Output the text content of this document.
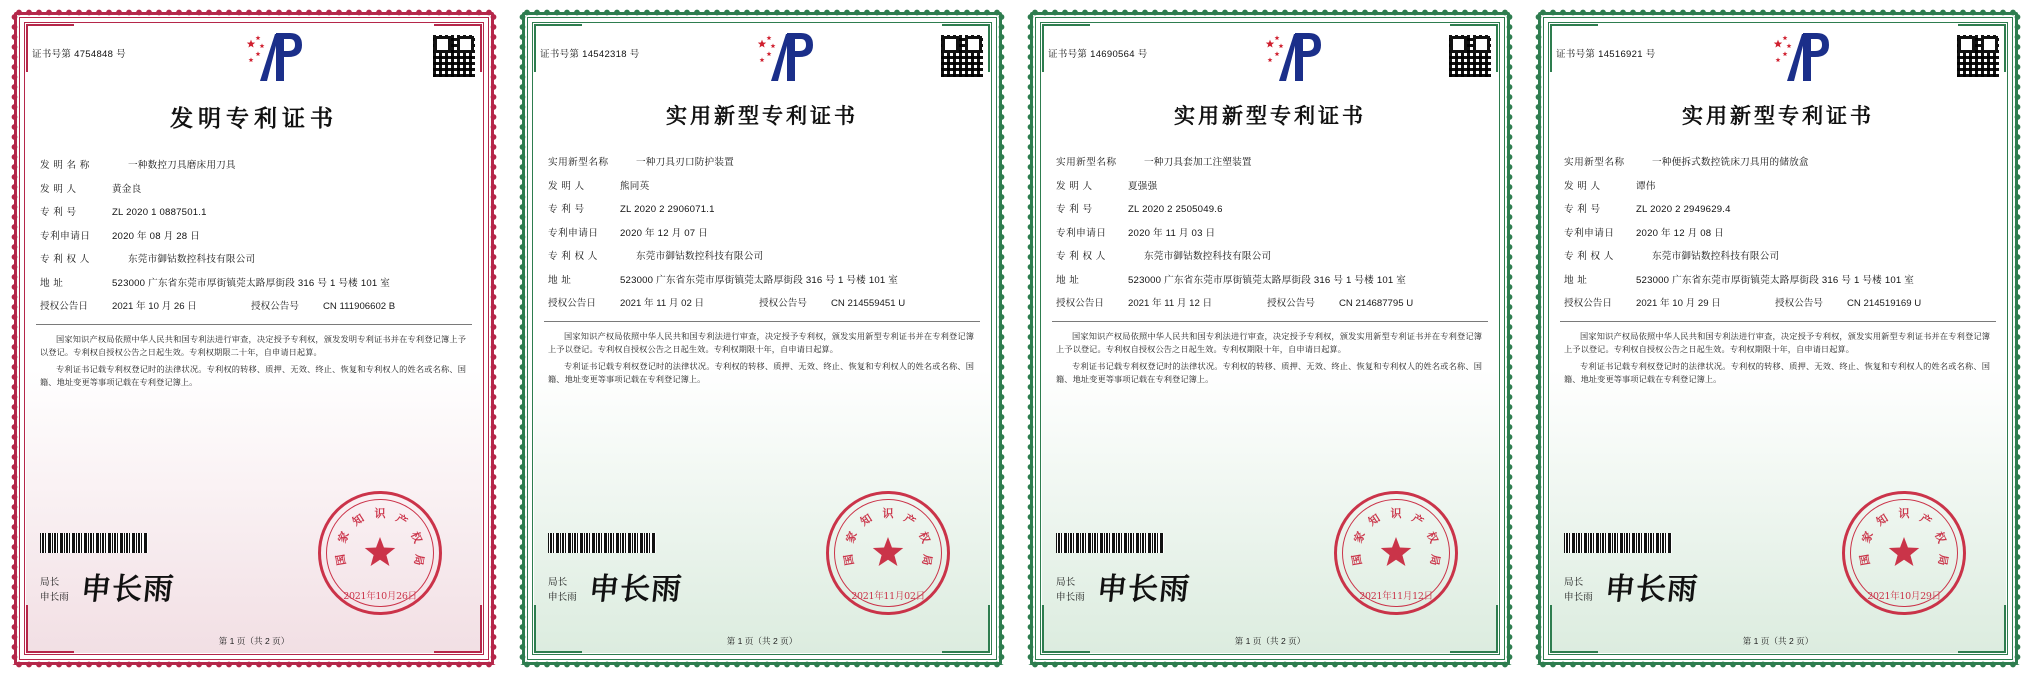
证书号第 4754848 号
发明专利证书
发 明 名 称	一种数控刀具磨床用刀具
发 明 人	黄金良
专 利 号	ZL 2020 1 0887501.1
专利申请日	2020 年 08 月 28 日
专 利 权 人	东莞市御钴数控科技有限公司
地 址	523000 广东省东莞市厚街镇莞太路厚街段 316 号 1 号楼 101 室
授权公告日	2021 年 10 月 26 日	授权公告号	CN 111906602 B

国家知识产权局依照中华人民共和国专利法进行审查，决定授予专利权，颁发发明专利证书并在专利登记簿上予以登记。专利权自授权公告之日起生效。专利权期限二十年，自申请日起算。

专利证书记载专利权登记时的法律状况。专利权的转移、质押、无效、终止、恢复和专利权人的姓名或名称、国籍、地址变更等事项记载在专利登记簿上。

局长
申长雨 申长雨
国
家
知 识 产
权
局
2021年10月26日
第 1 页（共 2 页）
证书号第 14542318 号
实用新型专利证书
实用新型名称	一种刀具刃口防护装置
发 明 人	熊同英
专 利 号	ZL 2020 2 2906071.1
专利申请日	2020 年 12 月 07 日
专 利 权 人	东莞市御钴数控科技有限公司
地 址	523000 广东省东莞市厚街镇莞太路厚街段 316 号 1 号楼 101 室
授权公告日	2021 年 11 月 02 日	授权公告号	CN 214559451 U

国家知识产权局依照中华人民共和国专利法进行审查，决定授予专利权，颁发实用新型专利证书并在专利登记簿上予以登记。专利权自授权公告之日起生效。专利权期限十年，自申请日起算。

专利证书记载专利权登记时的法律状况。专利权的转移、质押、无效、终止、恢复和专利权人的姓名或名称、国籍、地址变更等事项记载在专利登记簿上。

局长
申长雨 申长雨
国
家
知 识 产
权
局
2021年11月02日
第 1 页（共 2 页）
证书号第 14690564 号
实用新型专利证书
实用新型名称	一种刀具套加工注塑装置
发 明 人	夏强强
专 利 号	ZL 2020 2 2505049.6
专利申请日	2020 年 11 月 03 日
专 利 权 人	东莞市御钴数控科技有限公司
地 址	523000 广东省东莞市厚街镇莞太路厚街段 316 号 1 号楼 101 室
授权公告日	2021 年 11 月 12 日	授权公告号	CN 214687795 U

国家知识产权局依照中华人民共和国专利法进行审查，决定授予专利权，颁发实用新型专利证书并在专利登记簿上予以登记。专利权自授权公告之日起生效。专利权期限十年，自申请日起算。

专利证书记载专利权登记时的法律状况。专利权的转移、质押、无效、终止、恢复和专利权人的姓名或名称、国籍、地址变更等事项记载在专利登记簿上。

局长
申长雨 申长雨
国
家
知 识 产
权
局
2021年11月12日
第 1 页（共 2 页）
证书号第 14516921 号
实用新型专利证书
实用新型名称	一种便拆式数控铣床刀具用的储放盒
发 明 人	谭伟
专 利 号	ZL 2020 2 2949629.4
专利申请日	2020 年 12 月 08 日
专 利 权 人	东莞市御钴数控科技有限公司
地 址	523000 广东省东莞市厚街镇莞太路厚街段 316 号 1 号楼 101 室
授权公告日	2021 年 10 月 29 日	授权公告号	CN 214519169 U

国家知识产权局依照中华人民共和国专利法进行审查，决定授予专利权，颁发实用新型专利证书并在专利登记簿上予以登记。专利权自授权公告之日起生效。专利权期限十年，自申请日起算。

专利证书记载专利权登记时的法律状况。专利权的转移、质押、无效、终止、恢复和专利权人的姓名或名称、国籍、地址变更等事项记载在专利登记簿上。

局长
申长雨 申长雨
国
家
知 识 产
权
局
2021年10月29日
第 1 页（共 2 页）
